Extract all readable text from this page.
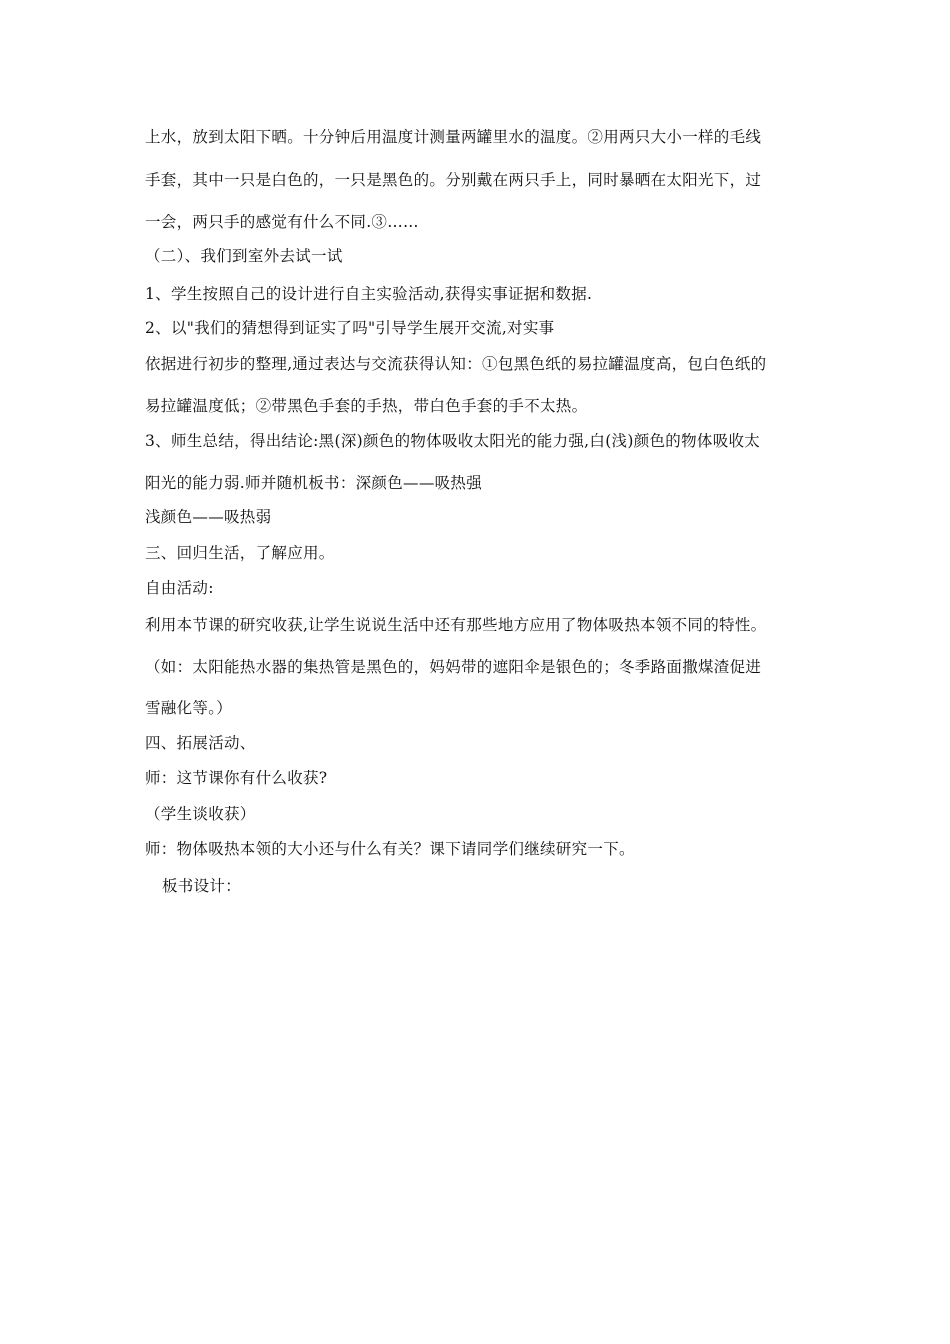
上水，放到太阳下晒。十分钟后用温度计测量两罐里水的温度。②用两只大小一样的毛线
手套，其中一只是白色的，一只是黑色的。分别戴在两只手上，同时暴晒在太阳光下，过
一会，两只手的感觉有什么不同.③……
（二）、我们到室外去试一试
1、学生按照自己的设计进行自主实验活动,获得实事证据和数据.
2、以"我们的猜想得到证实了吗"引导学生展开交流,对实事
依据进行初步的整理,通过表达与交流获得认知：①包黑色纸的易拉罐温度高，包白色纸的
易拉罐温度低；②带黑色手套的手热，带白色手套的手不太热。
3、师生总结，得出结论:黑(深)颜色的物体吸收太阳光的能力强,白(浅)颜色的物体吸收太
阳光的能力弱.师并随机板书：深颜色——吸热强
浅颜色——吸热弱
三、回归生活，了解应用。
自由活动:
利用本节课的研究收获,让学生说说生活中还有那些地方应用了物体吸热本领不同的特性。
（如：太阳能热水器的集热管是黑色的，妈妈带的遮阳伞是银色的；冬季路面撒煤渣促进
雪融化等。）
四、拓展活动、
师：这节课你有什么收获?
（学生谈收获）
师：物体吸热本领的大小还与什么有关？课下请同学们继续研究一下。
板书设计：
